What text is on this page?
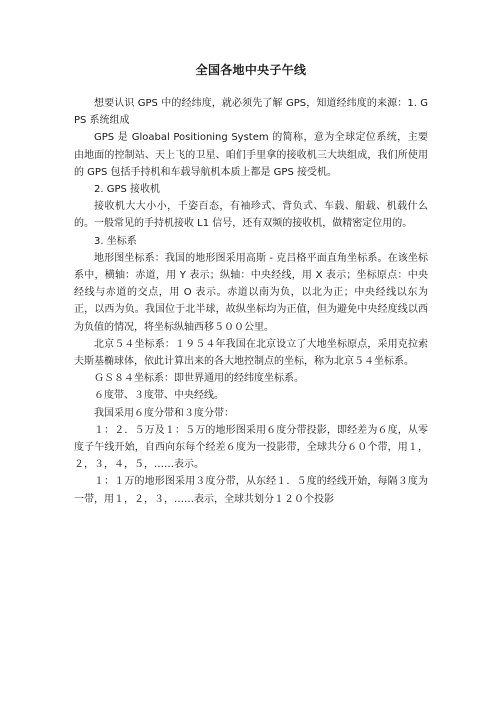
全国各地中央子午线

想要认识 GPS 中的经纬度，就必须先了解 GPS，知道经纬度的来源：1. GPS 系统组成

GPS 是 Gloabal Positioning System 的简称，意为全球定位系统，主要由地面的控制站、天上飞的卫星、咱们手里拿的接收机三大块组成，我们所使用的 GPS 包括手持机和车载导航机本质上都是 GPS 接受机。

2. GPS 接收机

接收机大大小小，千姿百态，有袖珍式、背负式、车载、船载、机载什么的。一般常见的手持机接收 L1 信号，还有双频的接收机，做精密定位用的。

3. 坐标系

地形图坐标系：我国的地形图采用高斯 - 克吕格平面直角坐标系。在该坐标系中，横轴：赤道，用 Y 表示；纵轴：中央经线，用 X 表示；坐标原点：中央经线与赤道的交点，用 O 表示。赤道以南为负，以北为正；中央经线以东为正，以西为负。我国位于北半球，故纵坐标均为正值，但为避免中央经度线以西为负值的情况，将坐标纵轴西移５００公里。

北京５４坐标系：１９５４年我国在北京设立了大地坐标原点，采用克拉索夫斯基椭球体，依此计算出来的各大地控制点的坐标，称为北京５４坐标系。

ＧＳ８４坐标系：即世界通用的经纬度坐标系。

６度带、３度带、中央经线。

我国采用６度分带和３度分带：

１：２．５万及１：５万的地形图采用６度分带投影，即经差为６度，从零度子午线开始，自西向东每个经差６度为一投影带，全球共分６０个带，用１，２，３，４，５，……表示。

１：１万的地形图采用３度分带，从东经１．５度的经线开始，每隔３度为一带，用１，２，３，……表示，全球共划分１２０个投影
